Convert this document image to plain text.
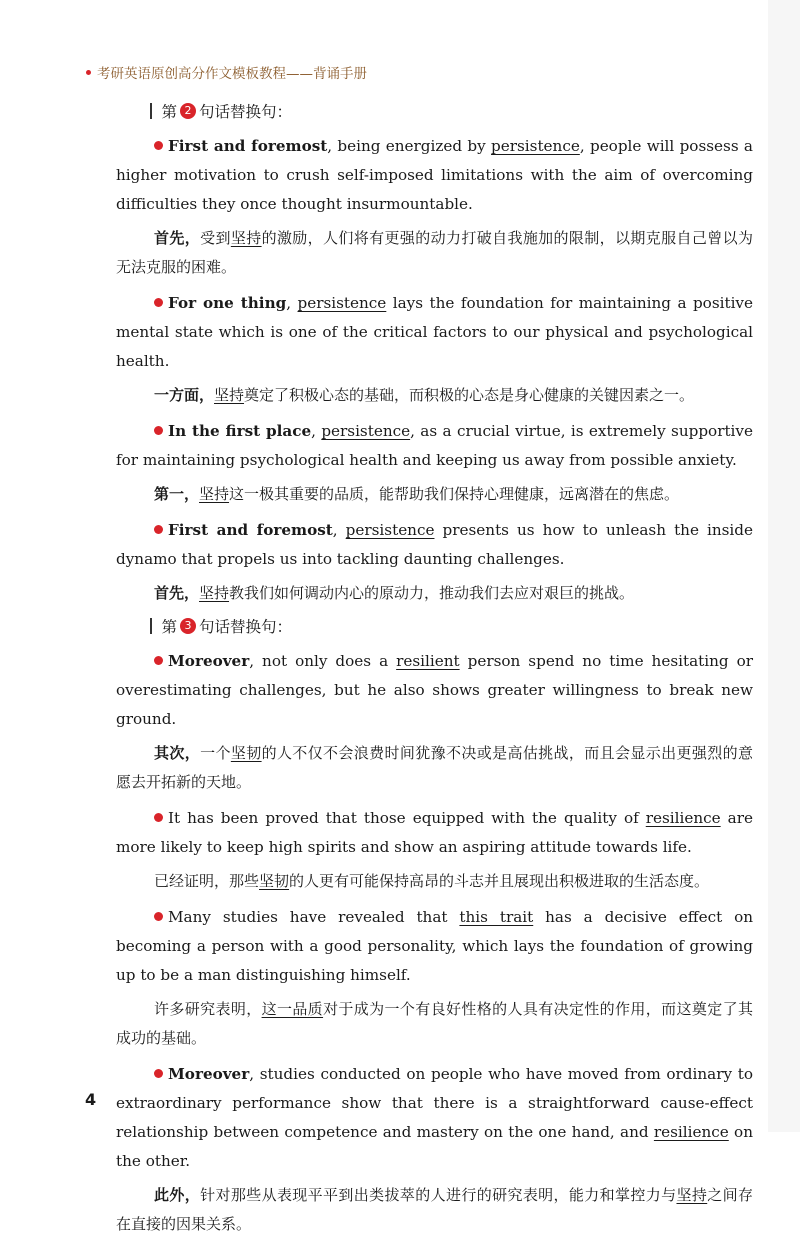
考研英语原创高分作文模板教程——背诵手册
第 2 句话替换句：

First and foremost, being energized by persistence, people will possess a higher motivation to crush self-imposed limitations with the aim of overcoming difficulties they once thought insurmountable.

首先，受到坚持的激励，人们将有更强的动力打破自我施加的限制，以期克服自己曾以为无法克服的困难。

For one thing, persistence lays the foundation for maintaining a positive mental state which is one of the critical factors to our physical and psychological health.

一方面，坚持奠定了积极心态的基础，而积极的心态是身心健康的关键因素之一。

In the first place, persistence, as a crucial virtue, is extremely supportive for maintaining psychological health and keeping us away from possible anxiety.

第一，坚持这一极其重要的品质，能帮助我们保持心理健康，远离潜在的焦虑。

First and foremost, persistence presents us how to unleash the inside dynamo that propels us into tackling daunting challenges.

首先，坚持教我们如何调动内心的原动力，推动我们去应对艰巨的挑战。

第 3 句话替换句：

Moreover, not only does a resilient person spend no time hesitating or overestimating challenges, but he also shows greater willingness to break new ground.

其次，一个坚韧的人不仅不会浪费时间犹豫不决或是高估挑战，而且会显示出更强烈的意愿去开拓新的天地。

It has been proved that those equipped with the quality of resilience are more likely to keep high spirits and show an aspiring attitude towards life.

已经证明，那些坚韧的人更有可能保持高昂的斗志并且展现出积极进取的生活态度。

Many studies have revealed that this trait has a decisive effect on becoming a person with a good personality, which lays the foundation of growing up to be a man distinguishing himself.

许多研究表明，这一品质对于成为一个有良好性格的人具有决定性的作用，而这奠定了其成功的基础。

Moreover, studies conducted on people who have moved from ordinary to extraordinary performance show that there is a straightforward cause-effect relationship between competence and mastery on the one hand, and resilience on the other.

此外，针对那些从表现平平到出类拔萃的人进行的研究表明，能力和掌控力与坚持之间存在直接的因果关系。

4
